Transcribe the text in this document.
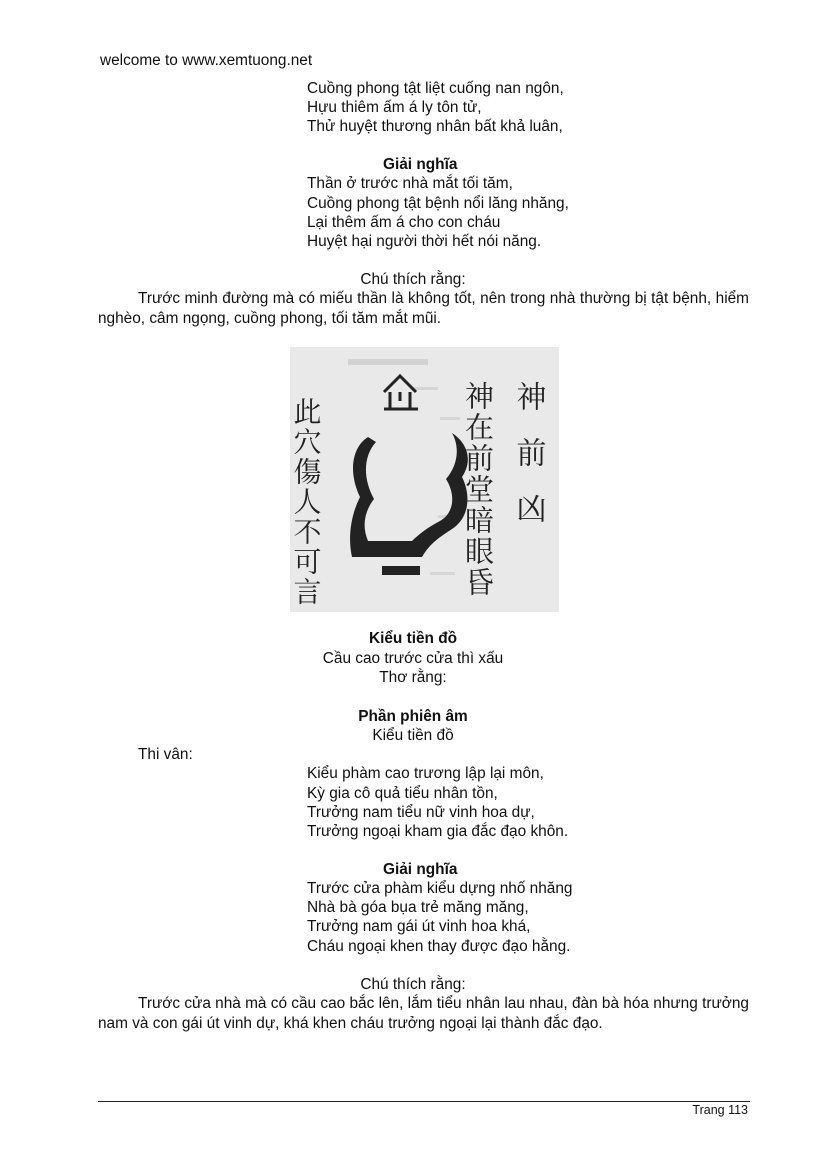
welcome to www.xemtuong.net
Cuồng phong tật liệt cuống nan ngôn,
Hựu thiêm ấm á ly tôn tử,
Thử huyệt thương nhân bất khả luân,
Giải nghĩa
Thần ở trước nhà mắt tối tăm,
Cuồng phong tật bệnh nổi lăng nhăng,
Lại thêm ấm á cho con cháu
Huyệt hại người thời hết nói năng.
Chú thích rằng:
Trước minh đường mà có miếu thần là không tốt, nên trong nhà thường bị tật bệnh, hiểm nghèo, câm ngọng, cuồng phong, tối tăm mắt mũi.
神前凶
神在前堂暗眼昏
此穴傷人不可言
Kiểu tiền đồ
Cầu cao trước cửa thì xấu
Thơ rằng:
Phần phiên âm
Kiểu tiền đồ
Thi vân:
Kiểu phàm cao trương lập lại môn,
Kỳ gia cô quả tiểu nhân tồn,
Trưởng nam tiểu nữ vinh hoa dự,
Trưởng ngoại kham gia đắc đạo khôn.
Giải nghĩa
Trước cửa phàm kiểu dựng nhố nhăng
Nhà bà góa bụa trẻ măng măng,
Trưởng nam gái út vinh hoa khá,
Cháu ngoại khen thay được đạo hằng.
Chú thích rằng:
Trước cửa nhà mà có cầu cao bắc lên, lắm tiểu nhân lau nhau, đàn bà hóa nhưng trưởng nam và con gái út vinh dự, khá khen cháu trưởng ngoại lại thành đắc đạo.
Trang 113
